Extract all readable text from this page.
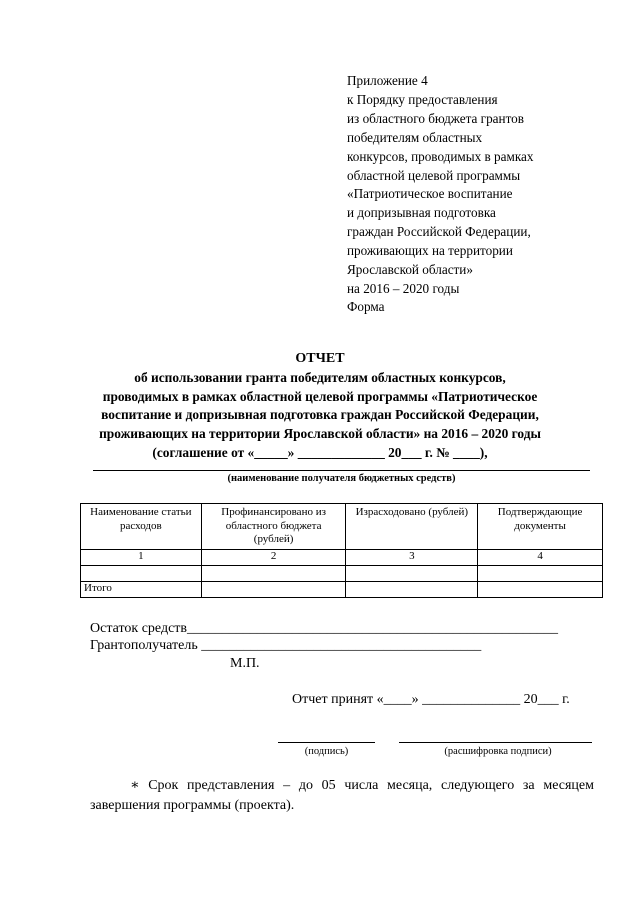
Приложение 4
к Порядку предоставления
из областного бюджета грантов
победителям областных
конкурсов, проводимых в рамках
областной целевой программы
«Патриотическое воспитание
и допризывная подготовка
граждан Российской Федерации,
проживающих на территории
Ярославской области»
на 2016 – 2020 годы
Форма
ОТЧЕТ
об использовании гранта победителям областных конкурсов,
проводимых в рамках областной целевой программы «Патриотическое
воспитание и допризывная подготовка граждан Российской Федерации,
проживающих на территории Ярославской области» на 2016 – 2020 годы
(соглашение от «_____» _____________ 20___ г. № ____),
(наименование получателя бюджетных средств)
Наименование статьи расходов	Профинансировано из областного бюджета (рублей)	Израсходовано (рублей)	Подтверждающие документы
1	2	3	4

Итого			
Остаток средств_____________________________________________________
Грантополучатель ________________________________________
М.П.
Отчет принят «____» ______________ 20___ г.
(подпись)	(расшифровка подписи)
∗ Срок представления – до 05 числа месяца, следующего за месяцем завершения программы (проекта).
